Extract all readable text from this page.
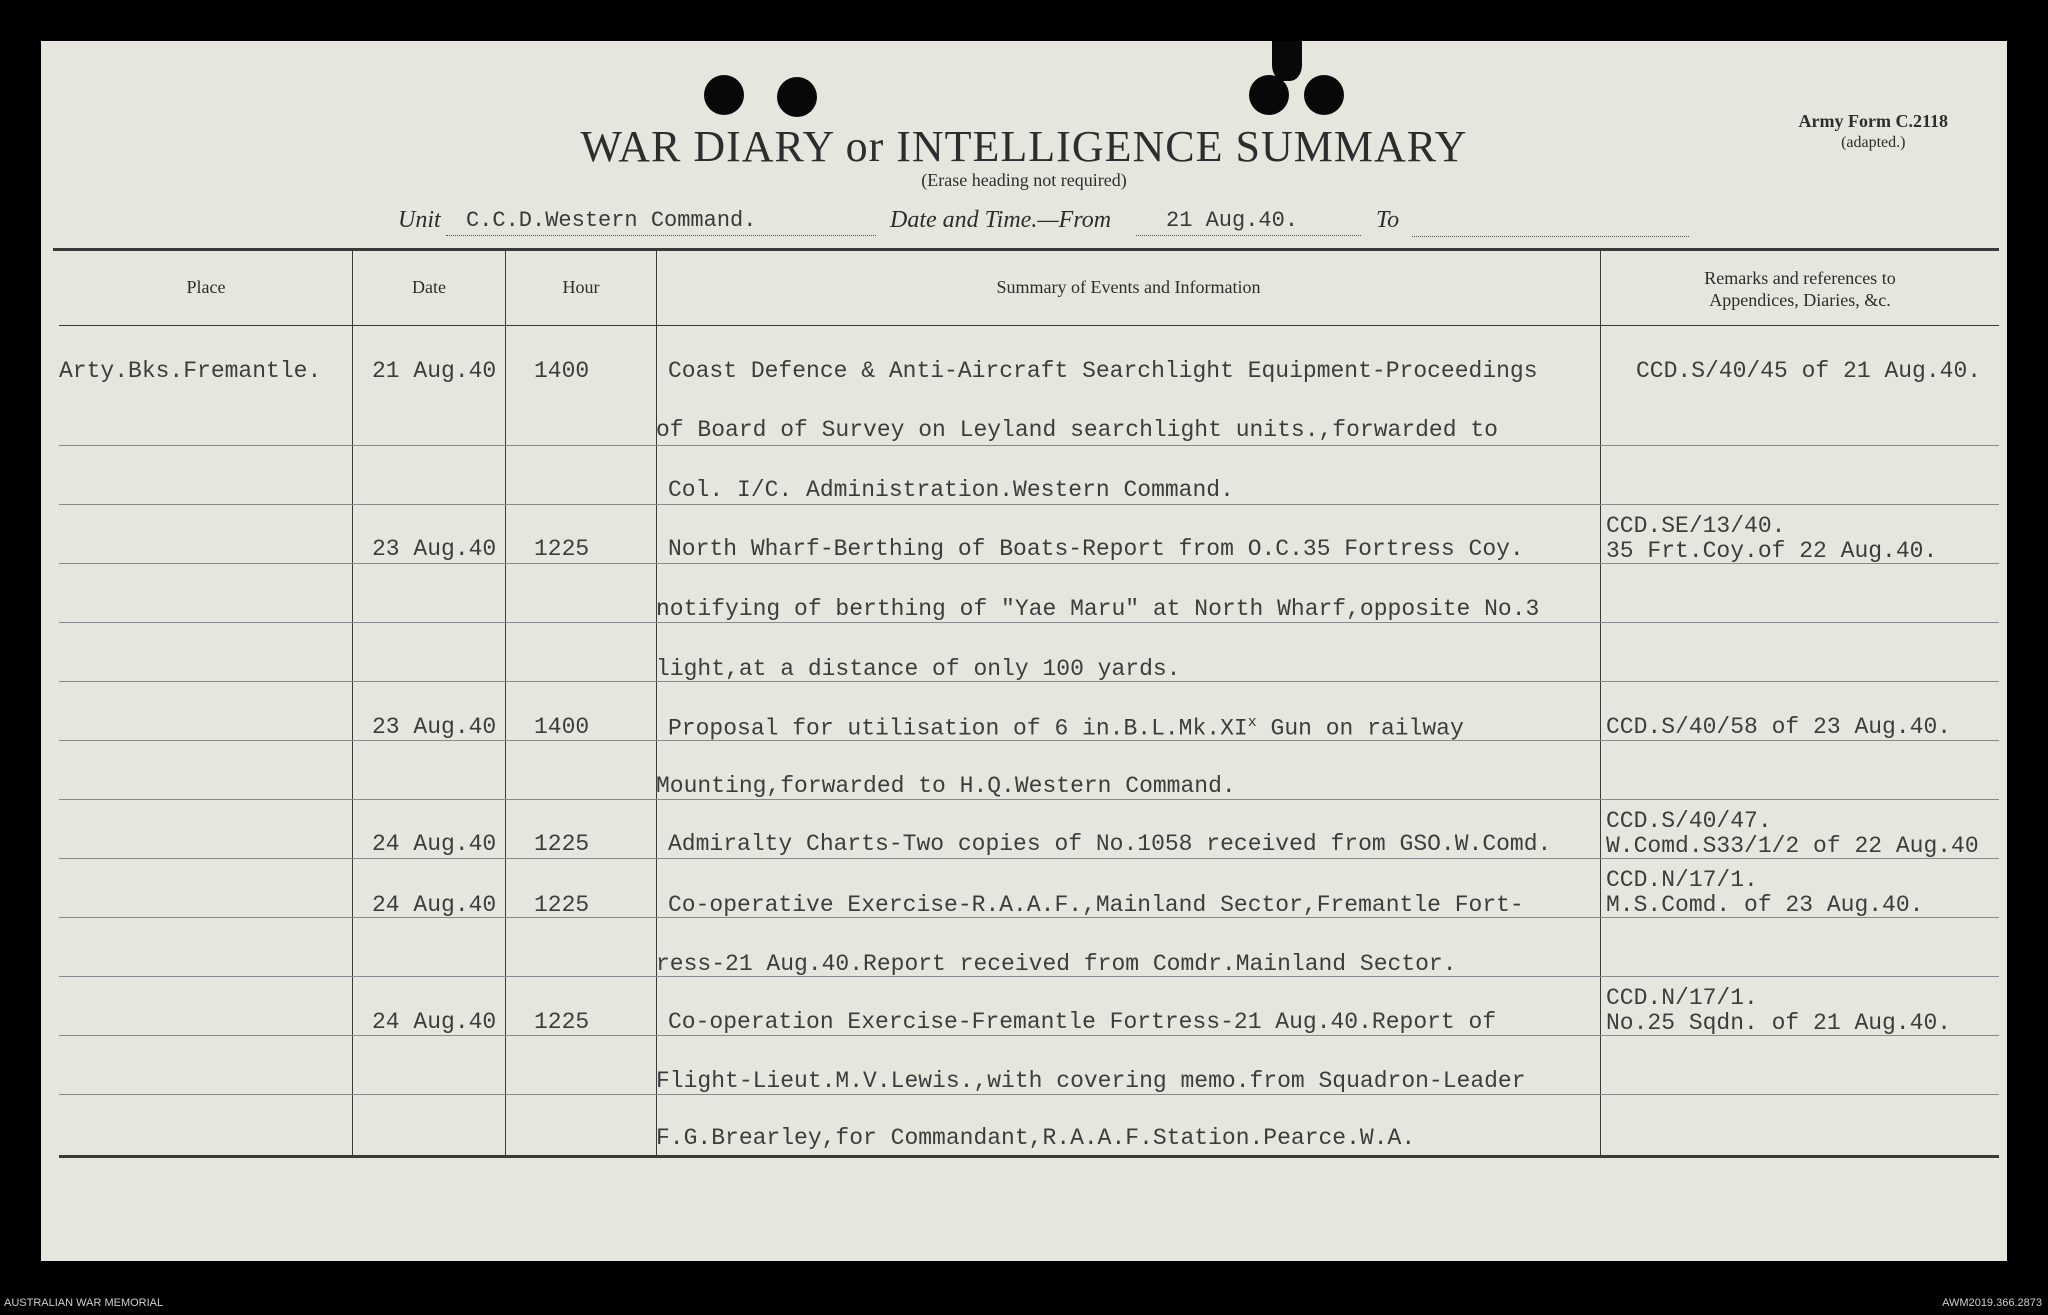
WAR DIARY or INTELLIGENCE SUMMARY
(Erase heading not required)
Army Form C.2118
(adapted.)
Unit	C.C.D.Western Command.	Date and Time.—From	21 Aug.40.	To
Place	Date	Hour	Summary of Events and Information	Remarks and references to
Appendices, Diaries, &c.
Arty.Bks.Fremantle. 21 Aug.40 1400	Coast Defence & Anti-Aircraft Searchlight Equipment-Proceedings
of Board of Survey on Leyland searchlight units.,forwarded to
Col. I/C. Administration.Western Command.
CCD.S/40/45 of 21 Aug.40.
23 Aug.40 1225	North Wharf-Berthing of Boats-Report from O.C.35 Fortress Coy.
notifying of berthing of "Yae Maru" at North Wharf,opposite No.3
light,at a distance of only 100 yards.
CCD.SE/13/40.
35 Frt.Coy.of 22 Aug.40.
23 Aug.40 1400	Proposal for utilisation of 6 $in.B.L.Mk.XI^x$ Gun on railway
Mounting,forwarded to H.Q.Western Command.
CCD.S/40/58 of 23 Aug.40.
24 Aug.40 1225	Admiralty Charts-Two copies of No.1058 received from GSO.W.Comd.
CCD.S/40/47.
W.Comd.S33/1/2 of 22 Aug.40
24 Aug.40 1225	Co-operative Exercise-R.A.A.F.,Mainland Sector,Fremantle Fort-
ress-21 Aug.40.Report received from Comdr.Mainland Sector.
CCD.N/17/1.
M.S.Comd. of 23 Aug.40.
24 Aug.40 1225	Co-operation Exercise-Fremantle Fortress-21 Aug.40.Report of
Flight-Lieut.M.V.Lewis.,with covering memo.from Squadron-Leader
F.G.Brearley,for Commandant,R.A.A.F.Station.Pearce.W.A.
CCD.N/17/1.
No.25 Sqdn. of 21 Aug.40.
AUSTRALIAN WAR MEMORIAL	AWM2019.366.2873
